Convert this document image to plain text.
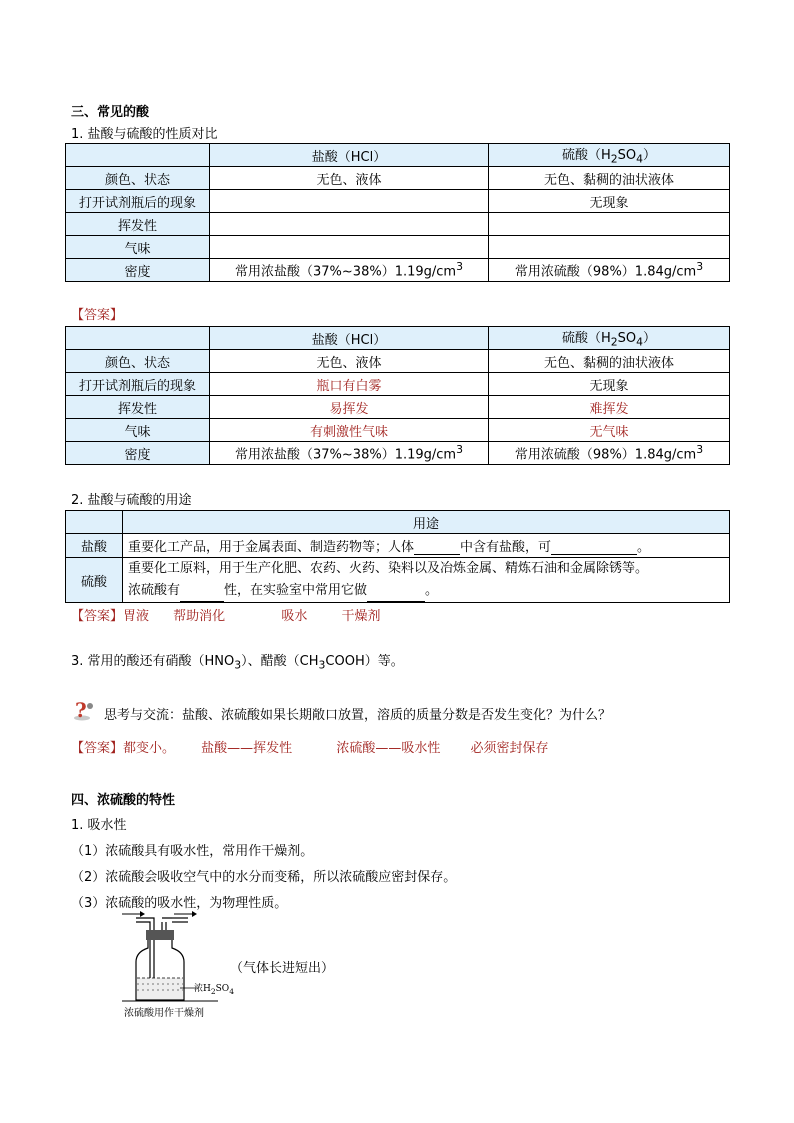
三、常见的酸
1. 盐酸与硫酸的性质对比
	盐酸（HCl）	硫酸$(H_2SO_4)$
颜色、状态	无色、液体	无色、黏稠的油状液体
打开试剂瓶后的现象		无现象
挥发性		
气味		
密度	常用浓盐酸$(37\%\sim 38\%)1.19g/cm^3$	常用浓硫酸$(98\%)1.84g/cm^3$
【答案】
	盐酸（HCl）	硫酸$(H_2SO_4)$
颜色、状态	无色、液体	无色、黏稠的油状液体
打开试剂瓶后的现象	瓶口有白雾	无现象
挥发性	易挥发	难挥发
气味	有刺激性气味	无气味
密度	常用浓盐酸$(37\%\sim 38\%)1.19g/cm^3$	常用浓硫酸$(98\%)1.84g/cm^3$
2. 盐酸与硫酸的用途
	用途
盐酸	重要化工产品，用于金属表面、制造药物等；人体 中含有盐酸，可 。
硫酸	重要化工原料，用于生产化肥、农药、火药、染料以及冶炼金属、精炼石油和金属除锈等。
浓硫酸有 性，在实验室中常用它做 。
【答案】胃液 帮助消化	吸水	干燥剂
3. 常用的酸还有硝酸$(HNO_3)$、醋酸$(CH_3COOH)$等。
? 思考与交流：盐酸、浓硫酸如果长期敞口放置，溶质的质量分数是否发生变化？为什么？
【答案】都变小。 盐酸——挥发性	浓硫酸——吸水性 必须密封保存
四、浓硫酸的特性
1. 吸水性
（1）浓硫酸具有吸水性，常用作干燥剂。
（2）浓硫酸会吸收空气中的水分而变稀，所以浓硫酸应密封保存。
（3）浓硫酸的吸水性，为物理性质。
浓$H_2SO_4$
（气体长进短出）
浓硫酸用作干燥剂
